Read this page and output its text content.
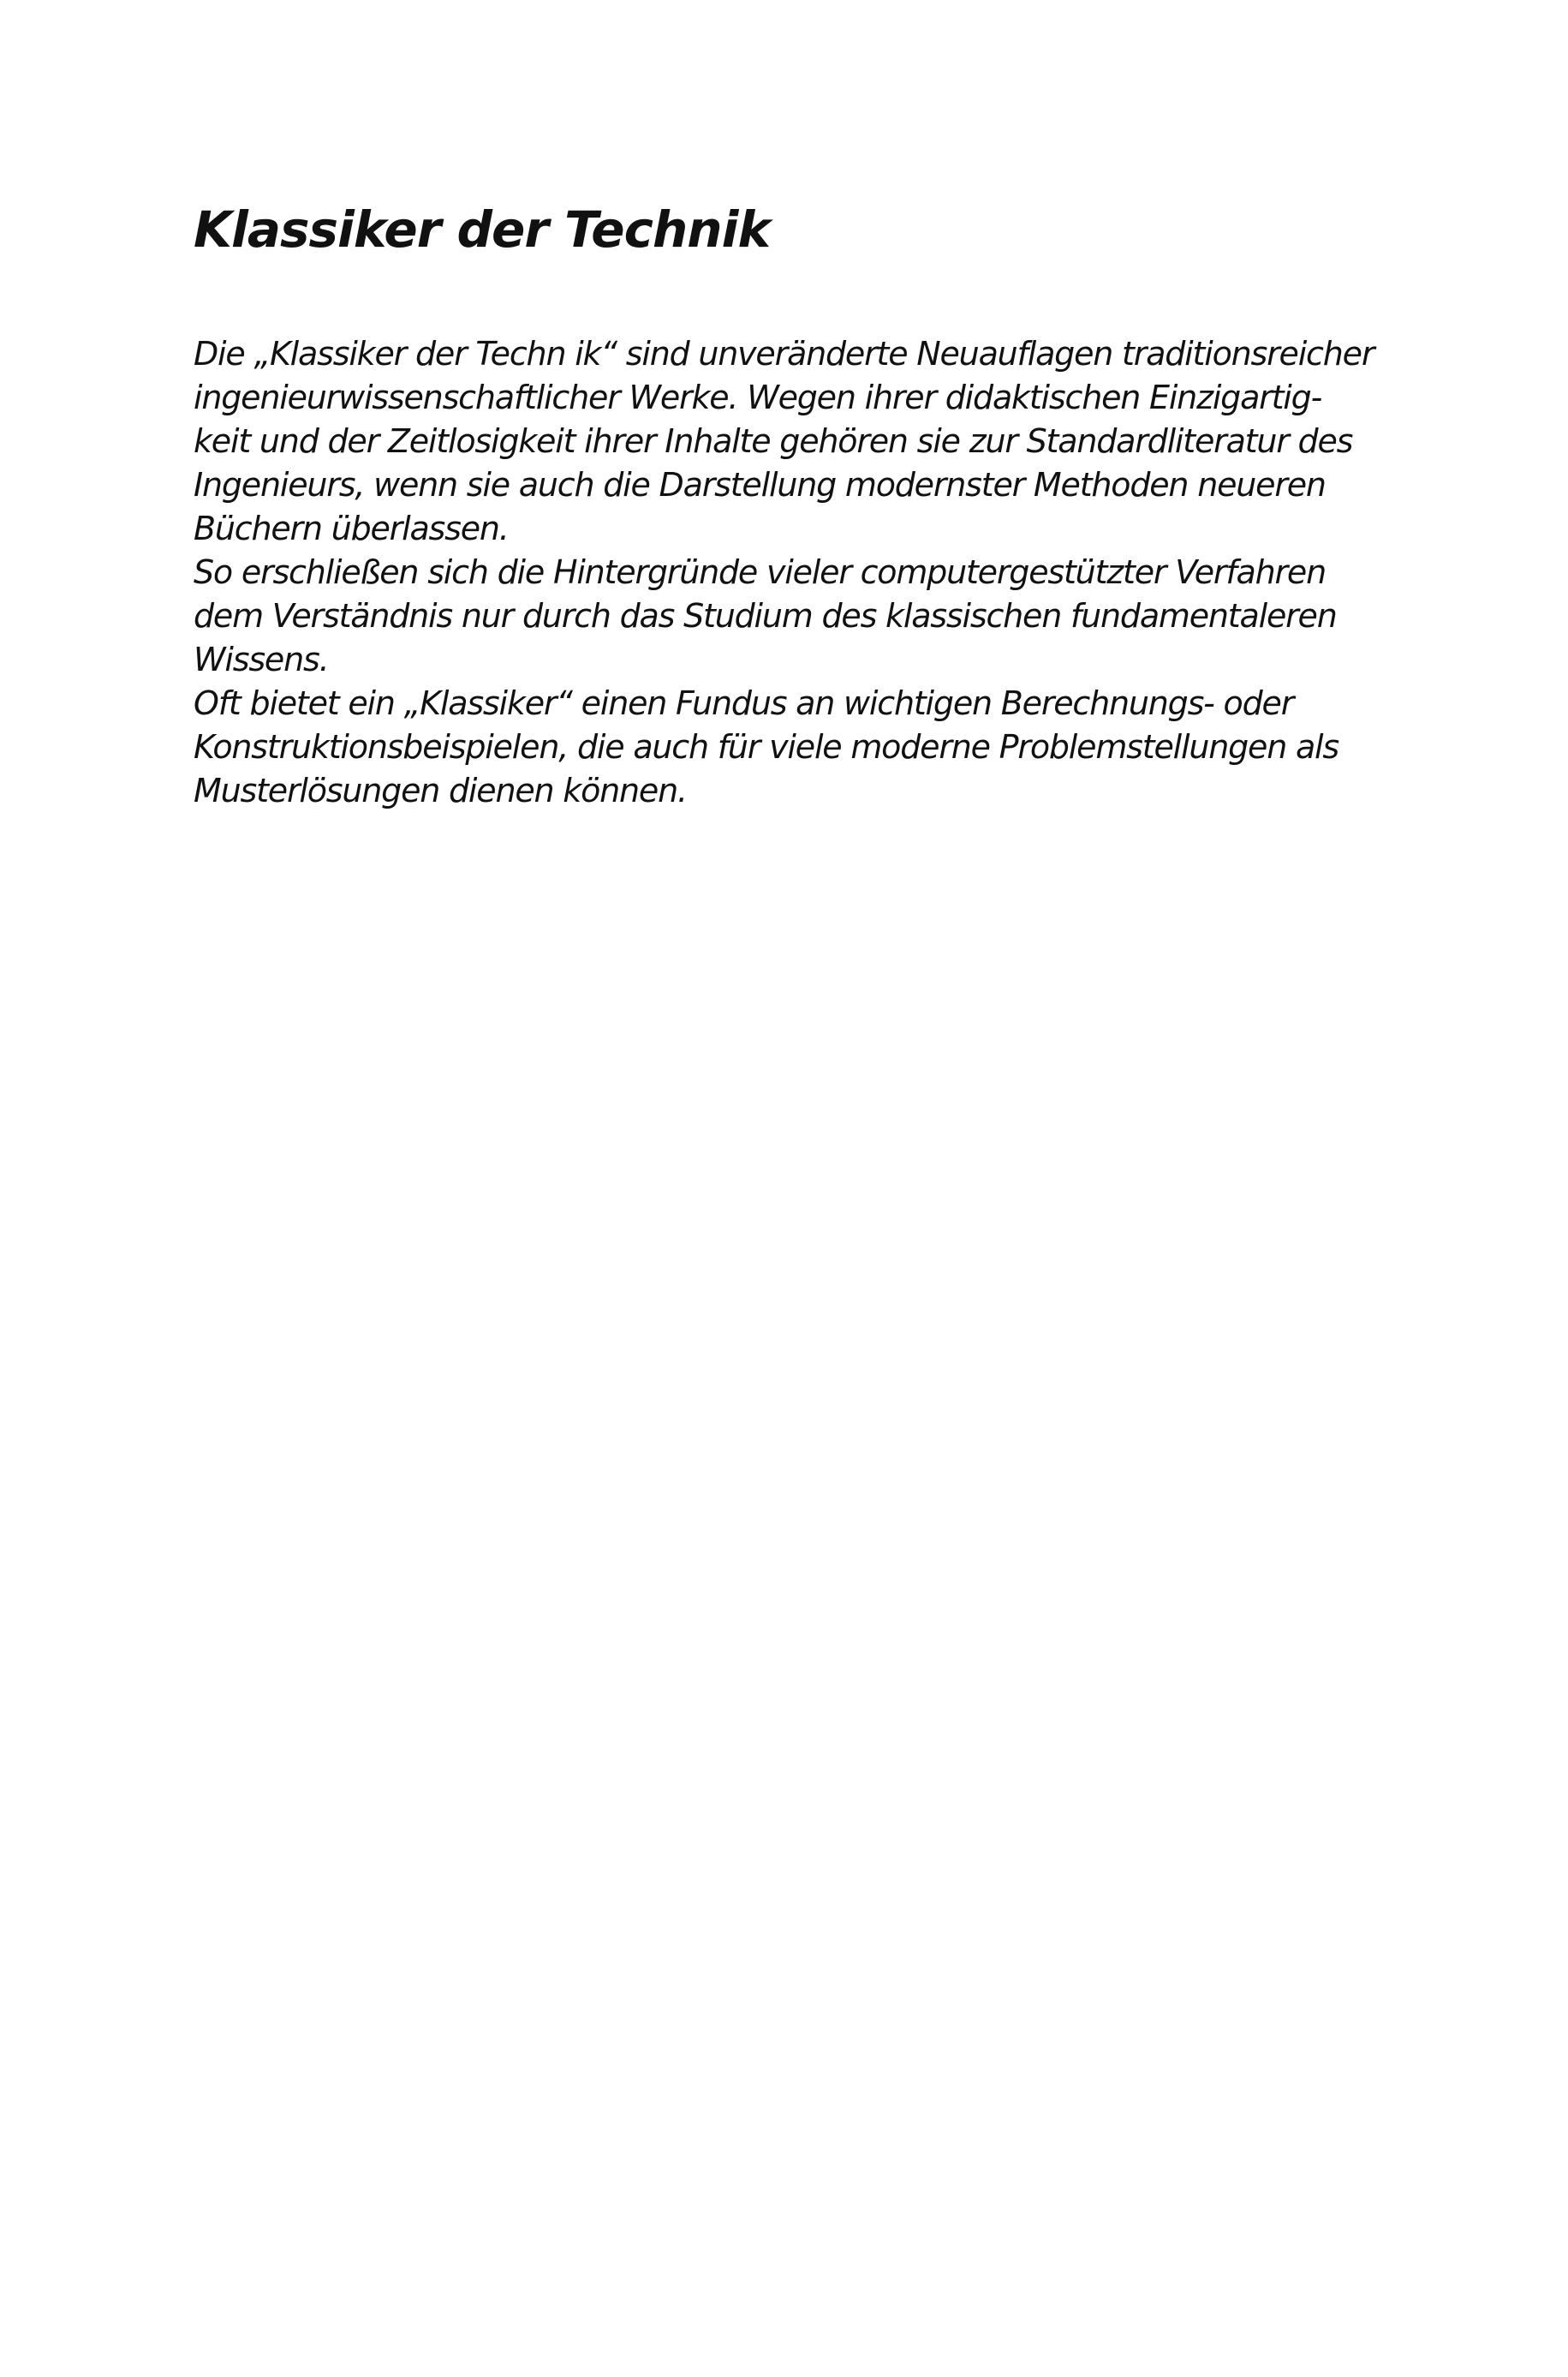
Klassiker der Technik
Die „Klassiker der Techn ik“ sind unveränderte Neuauflagen traditionsreicher
ingenieurwissenschaftlicher Werke. Wegen ihrer didaktischen Einzigartig-
keit und der Zeitlosigkeit ihrer Inhalte gehören sie zur Standardliteratur des
Ingenieurs, wenn sie auch die Darstellung modernster Methoden neueren
Büchern überlassen.
So erschließen sich die Hintergründe vieler computergestützter Verfahren
dem Verständnis nur durch das Studium des klassischen fundamentaleren
Wissens.
Oft bietet ein „Klassiker“ einen Fundus an wichtigen Berechnungs- oder
Konstruktionsbeispielen, die auch für viele moderne Problemstellungen als
Musterlösungen dienen können.
